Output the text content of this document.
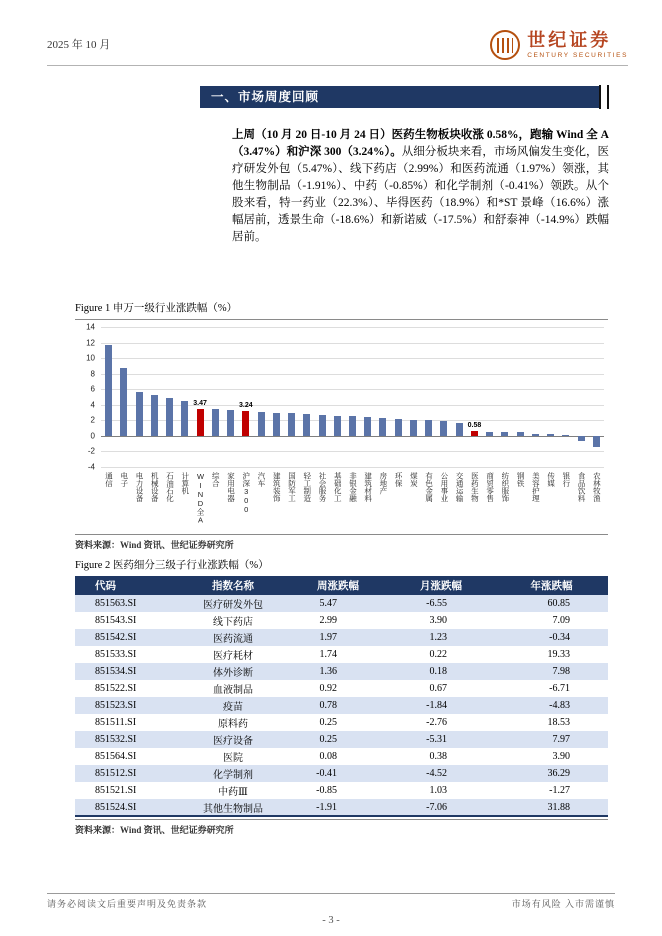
2025 年 10 月	世纪证券
CENTURY SECURITIES
一、市场周度回顾

上周（10 月 20 日-10 月 24 日）医药生物板块收涨 0.58%，跑输 Wind 全 A（3.47%）和沪深 300（3.24%）。从细分板块来看，市场风偏发生变化，医疗研发外包（5.47%）、线下药店（2.99%）和医药流通（1.97%）领涨，其他生物制品（-1.91%）、中药（-0.85%）和化学制剂（-0.41%）领跌。从个股来看，特一药业（22.3%）、毕得医药（18.9%）和*ST 景峰（16.6%）涨幅居前，透景生命（-18.6%）和新诺威（-17.5%）和舒泰神（-14.9%）跌幅居前。

Figure 1 申万一级行业涨跌幅（%）
14
12
10
8
6
4
2
0
-2
-4
通信 电子 电力设备 机械设备 石油石化 计算机
3.47
WIND全A 综合 家用电器
3.24
沪深300 汽车 建筑装饰 国防军工 轻工制造 社会服务 基础化工 非银金融 建筑材料 房地产 环保 煤炭 有色金属 公用事业 交通运输
0.58
医药生物 商贸零售 纺织服饰 钢铁 美容护理 传媒 银行 食品饮料 农林牧渔
资料来源：Wind 资讯、世纪证券研究所
Figure 2 医药细分三级子行业涨跌幅（%）
代码	指数名称	周涨跌幅	月涨跌幅	年涨跌幅
851563.SI	医疗研发外包	5.47	-6.55	60.85
851543.SI	线下药店	2.99	3.90	7.09
851542.SI	医药流通	1.97	1.23	-0.34
851533.SI	医疗耗材	1.74	0.22	19.33
851534.SI	体外诊断	1.36	0.18	7.98
851522.SI	血液制品	0.92	0.67	-6.71
851523.SI	疫苗	0.78	-1.84	-4.83
851511.SI	原料药	0.25	-2.76	18.53
851532.SI	医疗设备	0.25	-5.31	7.97
851564.SI	医院	0.08	0.38	3.90
851512.SI	化学制剂	-0.41	-4.52	36.29
851521.SI	中药Ⅲ	-0.85	1.03	-1.27
851524.SI	其他生物制品	-1.91	-7.06	31.88
资料来源：Wind 资讯、世纪证券研究所
请务必阅读文后重要声明及免责条款	市场有风险 入市需谨慎
- 3 -
